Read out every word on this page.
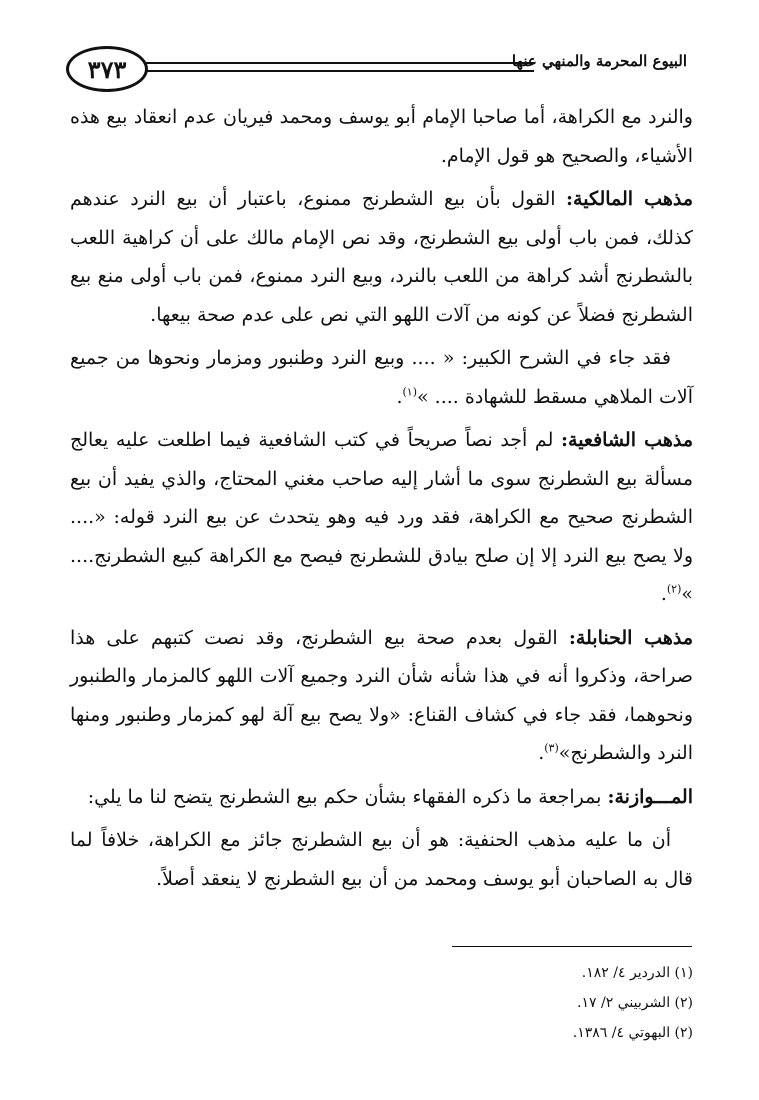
٣٧٣	البيوع المحرمة والمنهي عنها

والنرد مع الكراهة، أما صاحبا الإمام أبو يوسف ومحمد فيريان عدم انعقاد بيع هذه الأشياء، والصحيح هو قول الإمام.

مذهب المالكية: القول بأن بيع الشطرنج ممنوع، باعتبار أن بيع النرد عندهم كذلك، فمن باب أولى بيع الشطرنج، وقد نص الإمام مالك على أن كراهية اللعب بالشطرنج أشد كراهة من اللعب بالنرد، وبيع النرد ممنوع، فمن باب أولى منع بيع الشطرنج فضلاً عن كونه من آلات اللهو التي نص على عدم صحة بيعها.

فقد جاء في الشرح الكبير: « .... وبيع النرد وطنبور ومزمار ونحوها من جميع آلات الملاهي مسقط للشهادة .... »$^{(١)}$.

مذهب الشافعية: لم أجد نصاً صريحاً في كتب الشافعية فيما اطلعت عليه يعالج مسألة بيع الشطرنج سوى ما أشار إليه صاحب مغني المحتاج، والذي يفيد أن بيع الشطرنج صحيح مع الكراهة، فقد ورد فيه وهو يتحدث عن بيع النرد قوله: «.... ولا يصح بيع النرد إلا إن صلح بيادق للشطرنج فيصح مع الكراهة كبيع الشطرنج.... »$^{(٢)}$.

مذهب الحنابلة: القول بعدم صحة بيع الشطرنج، وقد نصت كتبهم على هذا صراحة، وذكروا أنه في هذا شأنه شأن النرد وجميع آلات اللهو كالمزمار والطنبور ونحوهما، فقد جاء في كشاف القناع: «ولا يصح بيع آلة لهو كمزمار وطنبور ومنها النرد والشطرنج»$^{(٣)}$.

المـــوازنة: بمراجعة ما ذكره الفقهاء بشأن حكم بيع الشطرنج يتضح لنا ما يلي:

أن ما عليه مذهب الحنفية: هو أن بيع الشطرنج جائز مع الكراهة، خلافاً لما قال به الصاحبان أبو يوسف ومحمد من أن بيع الشطرنج لا ينعقد أصلاً.

(١) الدردير ٤/ ١٨٢.

(٢) الشربيني ٢/ ١٧.

(٢) البهوتي ٤/ ١٣٨٦.
